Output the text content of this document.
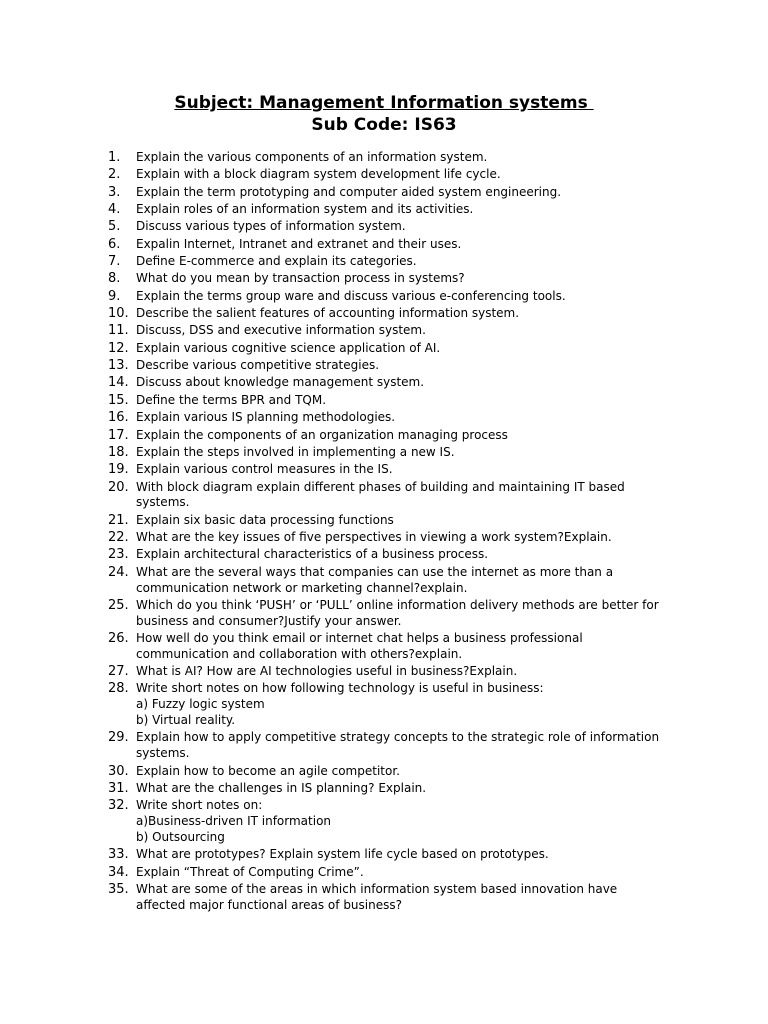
Subject: Management Information systems
Sub Code: IS63
1. Explain the various components of an information system.
2. Explain with a block diagram system development life cycle.
3. Explain the term prototyping and computer aided system engineering.
4. Explain roles of an information system and its activities.
5. Discuss various types of information system.
6. Expalin Internet, Intranet and extranet and their uses.
7. Define E-commerce and explain its categories.
8. What do you mean by transaction process in systems?
9. Explain the terms group ware and discuss various e-conferencing tools.
10. Describe the salient features of accounting information system.
11. Discuss, DSS and executive information system.
12. Explain various cognitive science application of AI.
13. Describe various competitive strategies.
14. Discuss about knowledge management system.
15. Define the terms BPR and TQM.
16. Explain various IS planning methodologies.
17. Explain the components of an organization managing process
18. Explain the steps involved in implementing a new IS.
19. Explain various control measures in the IS.
20. With block diagram explain different phases of building and maintaining IT based systems.
21. Explain six basic data processing functions
22. What are the key issues of five perspectives in viewing a work system?Explain.
23. Explain architectural characteristics of a business process.
24. What are the several ways that companies can use the internet as more than a communication network or marketing channel?explain.
25. Which do you think ‘PUSH’ or ‘PULL’ online information delivery methods are better for business and consumer?Justify your answer.
26. How well do you think email or internet chat helps a business professional communication and collaboration with others?explain.
27. What is AI? How are AI technologies useful in business?Explain.
28. Write short notes on how following technology is useful in business:
a) Fuzzy logic system
b) Virtual reality.
29. Explain how to apply competitive strategy concepts to the strategic role of information systems.
30. Explain how to become an agile competitor.
31. What are the challenges in IS planning? Explain.
32. Write short notes on:
a)Business-driven IT information
b) Outsourcing
33. What are prototypes? Explain system life cycle based on prototypes.
34. Explain “Threat of Computing Crime”.
35. What are some of the areas in which information system based innovation have affected major functional areas of business?
